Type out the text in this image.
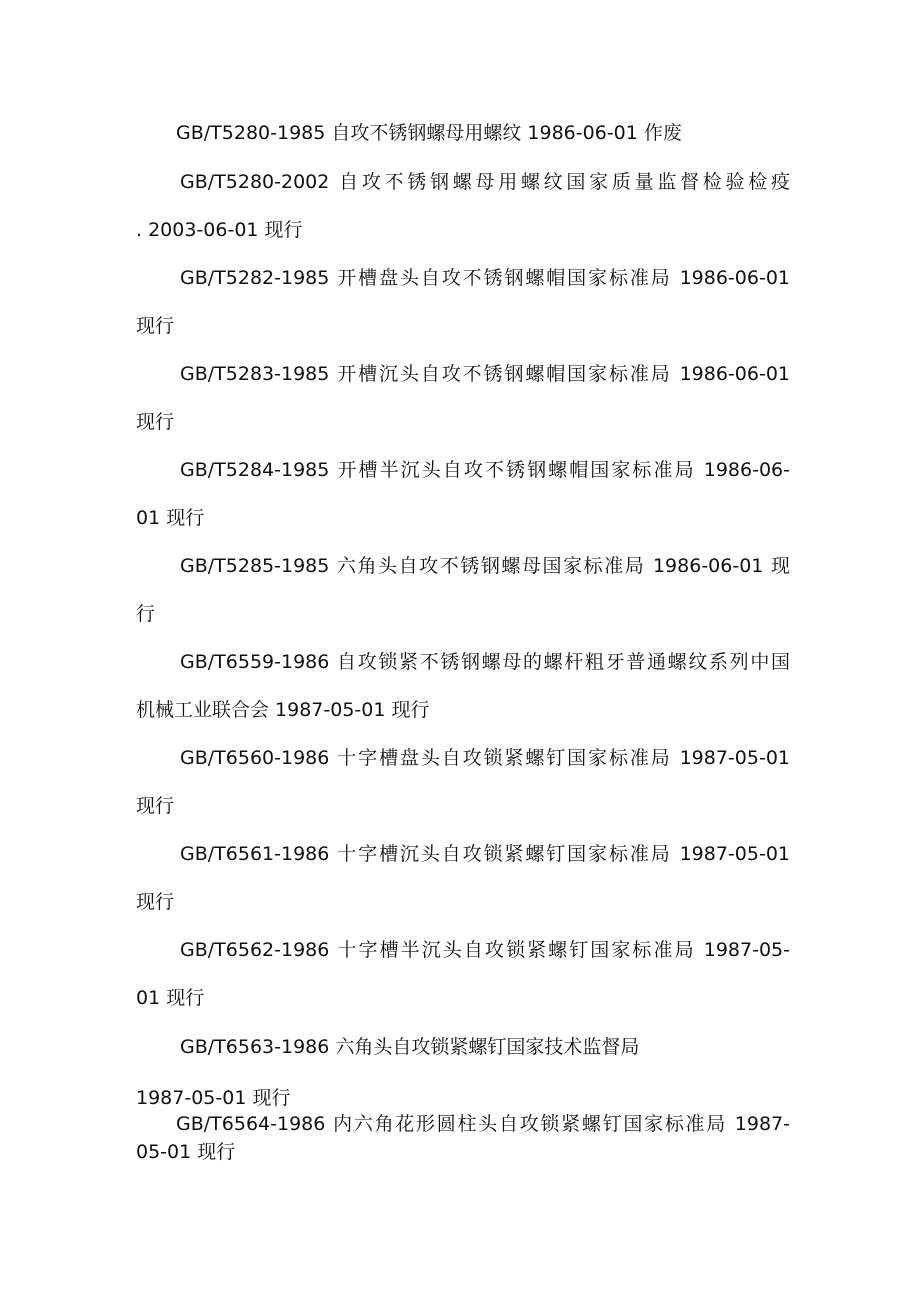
GB/T5280-1985 自攻不锈钢螺母用螺纹 1986-06-01 作废
GB/T5280-2002 自攻不锈钢螺母用螺纹国家质量监督检验检疫
. 2003-06-01 现行
GB/T5282-1985 开槽盘头自攻不锈钢螺帽国家标准局 1986-06-01
现行
GB/T5283-1985 开槽沉头自攻不锈钢螺帽国家标准局 1986-06-01
现行
GB/T5284-1985 开槽半沉头自攻不锈钢螺帽国家标准局 1986-06-
01 现行
GB/T5285-1985 六角头自攻不锈钢螺母国家标准局 1986-06-01 现
行
GB/T6559-1986 自攻锁紧不锈钢螺母的螺杆粗牙普通螺纹系列中国
机械工业联合会 1987-05-01 现行
GB/T6560-1986 十字槽盘头自攻锁紧螺钉国家标准局 1987-05-01
现行
GB/T6561-1986 十字槽沉头自攻锁紧螺钉国家标准局 1987-05-01
现行
GB/T6562-1986 十字槽半沉头自攻锁紧螺钉国家标准局 1987-05-
01 现行
GB/T6563-1986 六角头自攻锁紧螺钉国家技术监督局
1987-05-01 现行
GB/T6564-1986 内六角花形圆柱头自攻锁紧螺钉国家标准局 1987-
05-01 现行
